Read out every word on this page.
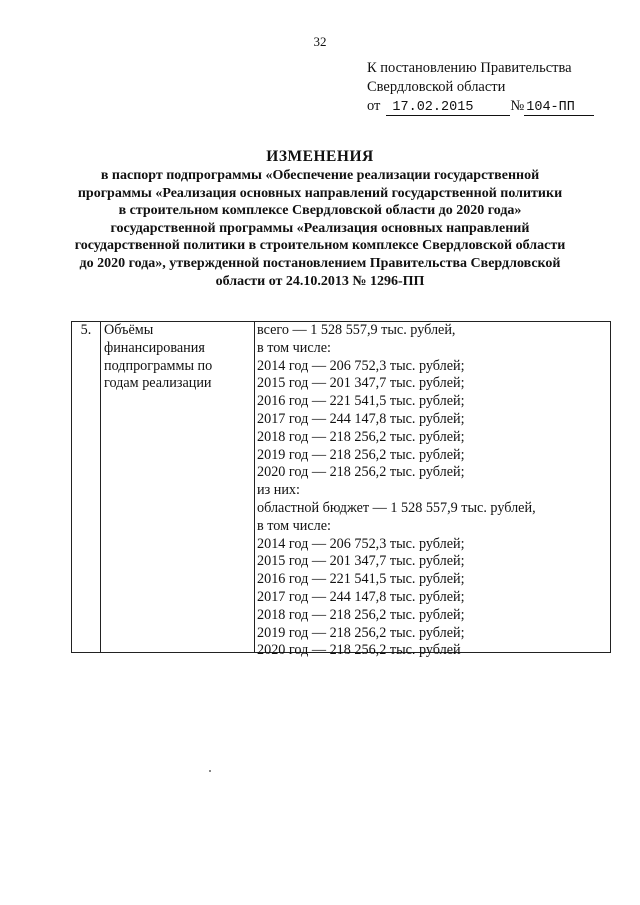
32
К постановлению Правительства
Свердловской области
от 17.02.2015	№ 104-ПП
ИЗМЕНЕНИЯ
в паспорт подпрограммы «Обеспечение реализации государственной
программы «Реализация основных направлений государственной политики
в строительном комплексе Свердловской области до 2020 года»
государственной программы «Реализация основных направлений
государственной политики в строительном комплексе Свердловской области
до 2020 года», утвержденной постановлением Правительства Свердловской
области от 24.10.2013 № 1296-ПП
5. Объёмы
финансирования
подпрограммы по
годам реализации
всего — 1 528 557,9 тыс. рублей,
в том числе:
2014 год — 206 752,3 тыс. рублей;
2015 год — 201 347,7 тыс. рублей;
2016 год — 221 541,5 тыс. рублей;
2017 год — 244 147,8 тыс. рублей;
2018 год — 218 256,2 тыс. рублей;
2019 год — 218 256,2 тыс. рублей;
2020 год — 218 256,2 тыс. рублей;
из них:
областной бюджет — 1 528 557,9 тыс. рублей,
в том числе:
2014 год — 206 752,3 тыс. рублей;
2015 год — 201 347,7 тыс. рублей;
2016 год — 221 541,5 тыс. рублей;
2017 год — 244 147,8 тыс. рублей;
2018 год — 218 256,2 тыс. рублей;
2019 год — 218 256,2 тыс. рублей;
2020 год — 218 256,2 тыс. рублей
